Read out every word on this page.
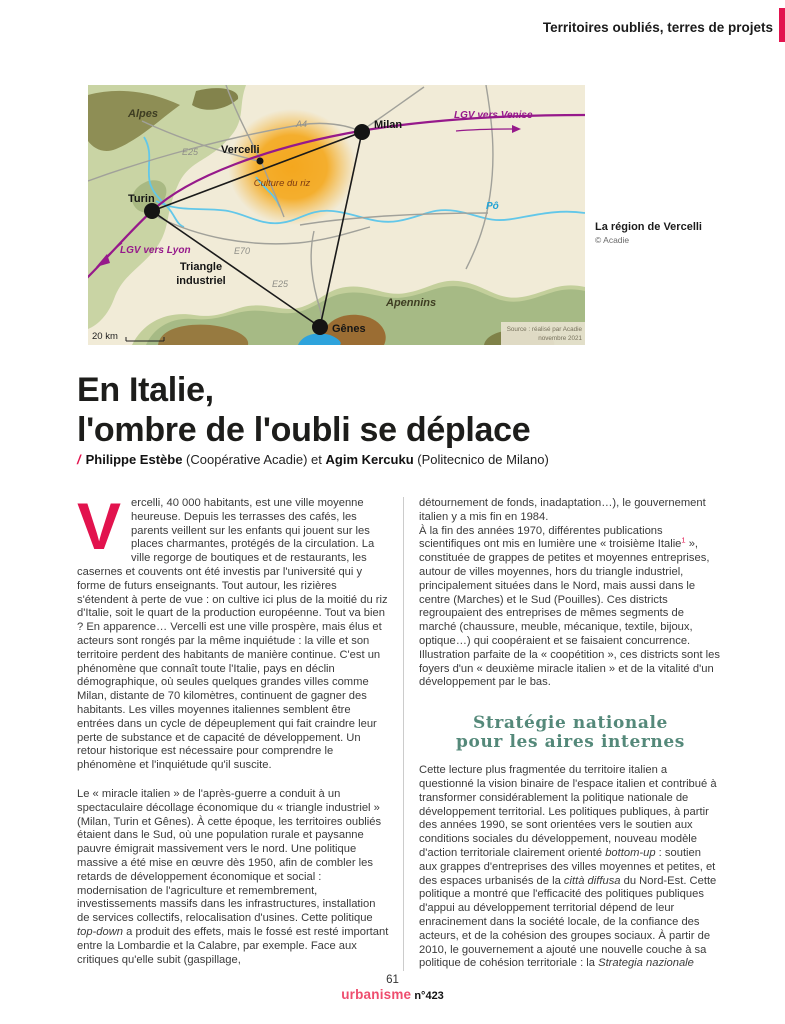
Territoires oubliés, terres de projets
Alpes
Apennins
Pô
Culture du riz
LGV vers Venise
LGV vers Lyon
Triangle
industriel
A4
E25
E70
E25
Turin
Milan
Vercelli
Gênes
20 km
Source : réalisé par Acadie
novembre 2021
La région de Vercelli
© Acadie
En Italie,
l'ombre de l'oubli se déplace
/ Philippe Estèbe (Coopérative Acadie) et Agim Kercuku (Politecnico de Milano)

Vercelli, 40 000 habitants, est une ville moyenne heureuse. Depuis les terrasses des cafés, les parents veillent sur les enfants qui jouent sur les places charmantes, protégés de la circulation. La ville regorge de boutiques et de restaurants, les casernes et couvents ont été investis par l'université qui y forme de futurs enseignants. Tout autour, les rizières s'étendent à perte de vue : on cultive ici plus de la moitié du riz d'Italie, soit le quart de la production européenne. Tout va bien ? En apparence… Vercelli est une ville prospère, mais élus et acteurs sont rongés par la même inquiétude : la ville et son territoire perdent des habitants de manière continue. C'est un phénomène que connaît toute l'Italie, pays en déclin démographique, où seules quelques grandes villes comme Milan, distante de 70 kilomètres, continuent de gagner des habitants. Les villes moyennes italiennes semblent être entrées dans un cycle de dépeuplement qui fait craindre leur perte de substance et de capacité de développement. Un retour historique est nécessaire pour comprendre le phénomène et l'inquiétude qu'il suscite.

Le « miracle italien » de l'après-guerre a conduit à un spectaculaire décollage économique du « triangle industriel » (Milan, Turin et Gênes). À cette époque, les territoires oubliés étaient dans le Sud, où une population rurale et paysanne pauvre émigrait massivement vers le nord. Une politique massive a été mise en œuvre dès 1950, afin de combler les retards de développement économique et social : modernisation de l'agriculture et remembrement, investissements massifs dans les infrastructures, installation de services collectifs, relocalisation d'usines. Cette politique top-down a produit des effets, mais le fossé est resté important entre la Lombardie et la Calabre, par exemple. Face aux critiques qu'elle subit (gaspillage,

détournement de fonds, inadaptation…), le gouvernement italien y a mis fin en 1984.

À la fin des années 1970, différentes publications scientifiques ont mis en lumière une « troisième Italie$^1$ », constituée de grappes de petites et moyennes entreprises, autour de villes moyennes, hors du triangle industriel, principalement situées dans le Nord, mais aussi dans le centre (Marches) et le Sud (Pouilles). Ces districts regroupaient des entreprises de mêmes segments de marché (chaussure, meuble, mécanique, textile, bijoux, optique…) qui coopéraient et se faisaient concurrence. Illustration parfaite de la « coopétition », ces districts sont les foyers d'un « deuxième miracle italien » et de la vitalité d'un développement par le bas.

Stratégie nationale
pour les aires internes

Cette lecture plus fragmentée du territoire italien a questionné la vision binaire de l'espace italien et contribué à transformer considérablement la politique nationale de développement territorial. Les politiques publiques, à partir des années 1990, se sont orientées vers le soutien aux conditions sociales du développement, nouveau modèle d'action territoriale clairement orienté bottom-up : soutien aux grappes d'entreprises des villes moyennes et petites, et des espaces urbanisés de la città diffusa du Nord-Est. Cette politique a montré que l'efficacité des politiques publiques d'appui au développement territorial dépend de leur enracinement dans la société locale, de la confiance des acteurs, et de la cohésion des groupes sociaux. À partir de 2010, le gouvernement a ajouté une nouvelle couche à sa politique de cohésion territoriale : la Strategia nazionale

61
urbanisme n°423
